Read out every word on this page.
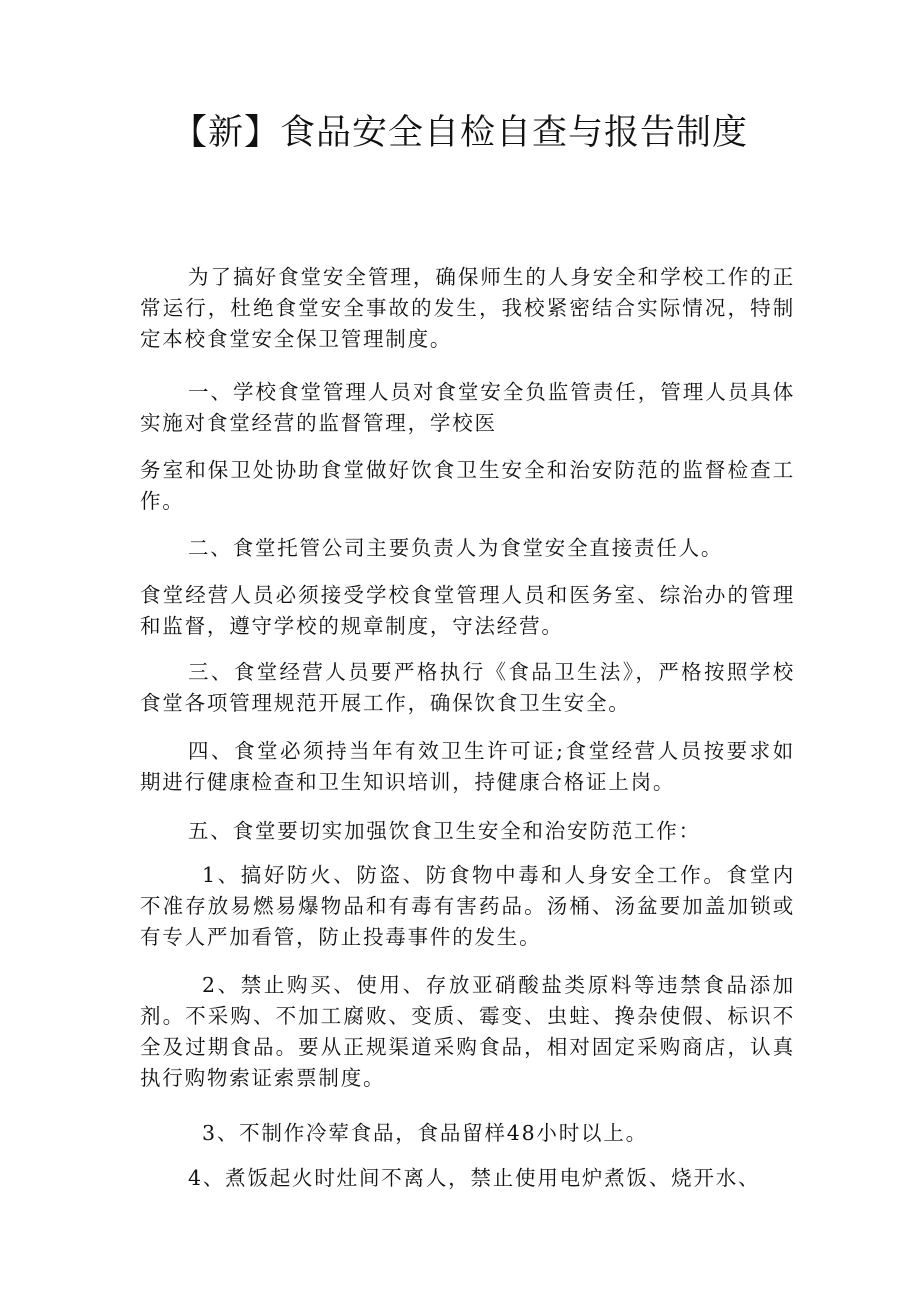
【新】食品安全自检自查与报告制度

为了搞好食堂安全管理，确保师生的人身安全和学校工作的正常运行，杜绝食堂安全事故的发生，我校紧密结合实际情况，特制定本校食堂安全保卫管理制度。

一、学校食堂管理人员对食堂安全负监管责任，管理人员具体实施对食堂经营的监督管理，学校医

务室和保卫处协助食堂做好饮食卫生安全和治安防范的监督检查工作。

二、食堂托管公司主要负责人为食堂安全直接责任人。

食堂经营人员必须接受学校食堂管理人员和医务室、综治办的管理和监督，遵守学校的规章制度，守法经营。

三、食堂经营人员要严格执行《食品卫生法》，严格按照学校食堂各项管理规范开展工作，确保饮食卫生安全。

四、食堂必须持当年有效卫生许可证;食堂经营人员按要求如期进行健康检查和卫生知识培训，持健康合格证上岗。

五、食堂要切实加强饮食卫生安全和治安防范工作：

1、搞好防火、防盗、防食物中毒和人身安全工作。食堂内不准存放易燃易爆物品和有毒有害药品。汤桶、汤盆要加盖加锁或有专人严加看管，防止投毒事件的发生。

2、禁止购买、使用、存放亚硝酸盐类原料等违禁食品添加剂。不采购、不加工腐败、变质、霉变、虫蛀、搀杂使假、标识不全及过期食品。要从正规渠道采购食品，相对固定采购商店，认真执行购物索证索票制度。

3、不制作冷荤食品，食品留样48小时以上。

4、煮饭起火时灶间不离人，禁止使用电炉煮饭、烧开水、
